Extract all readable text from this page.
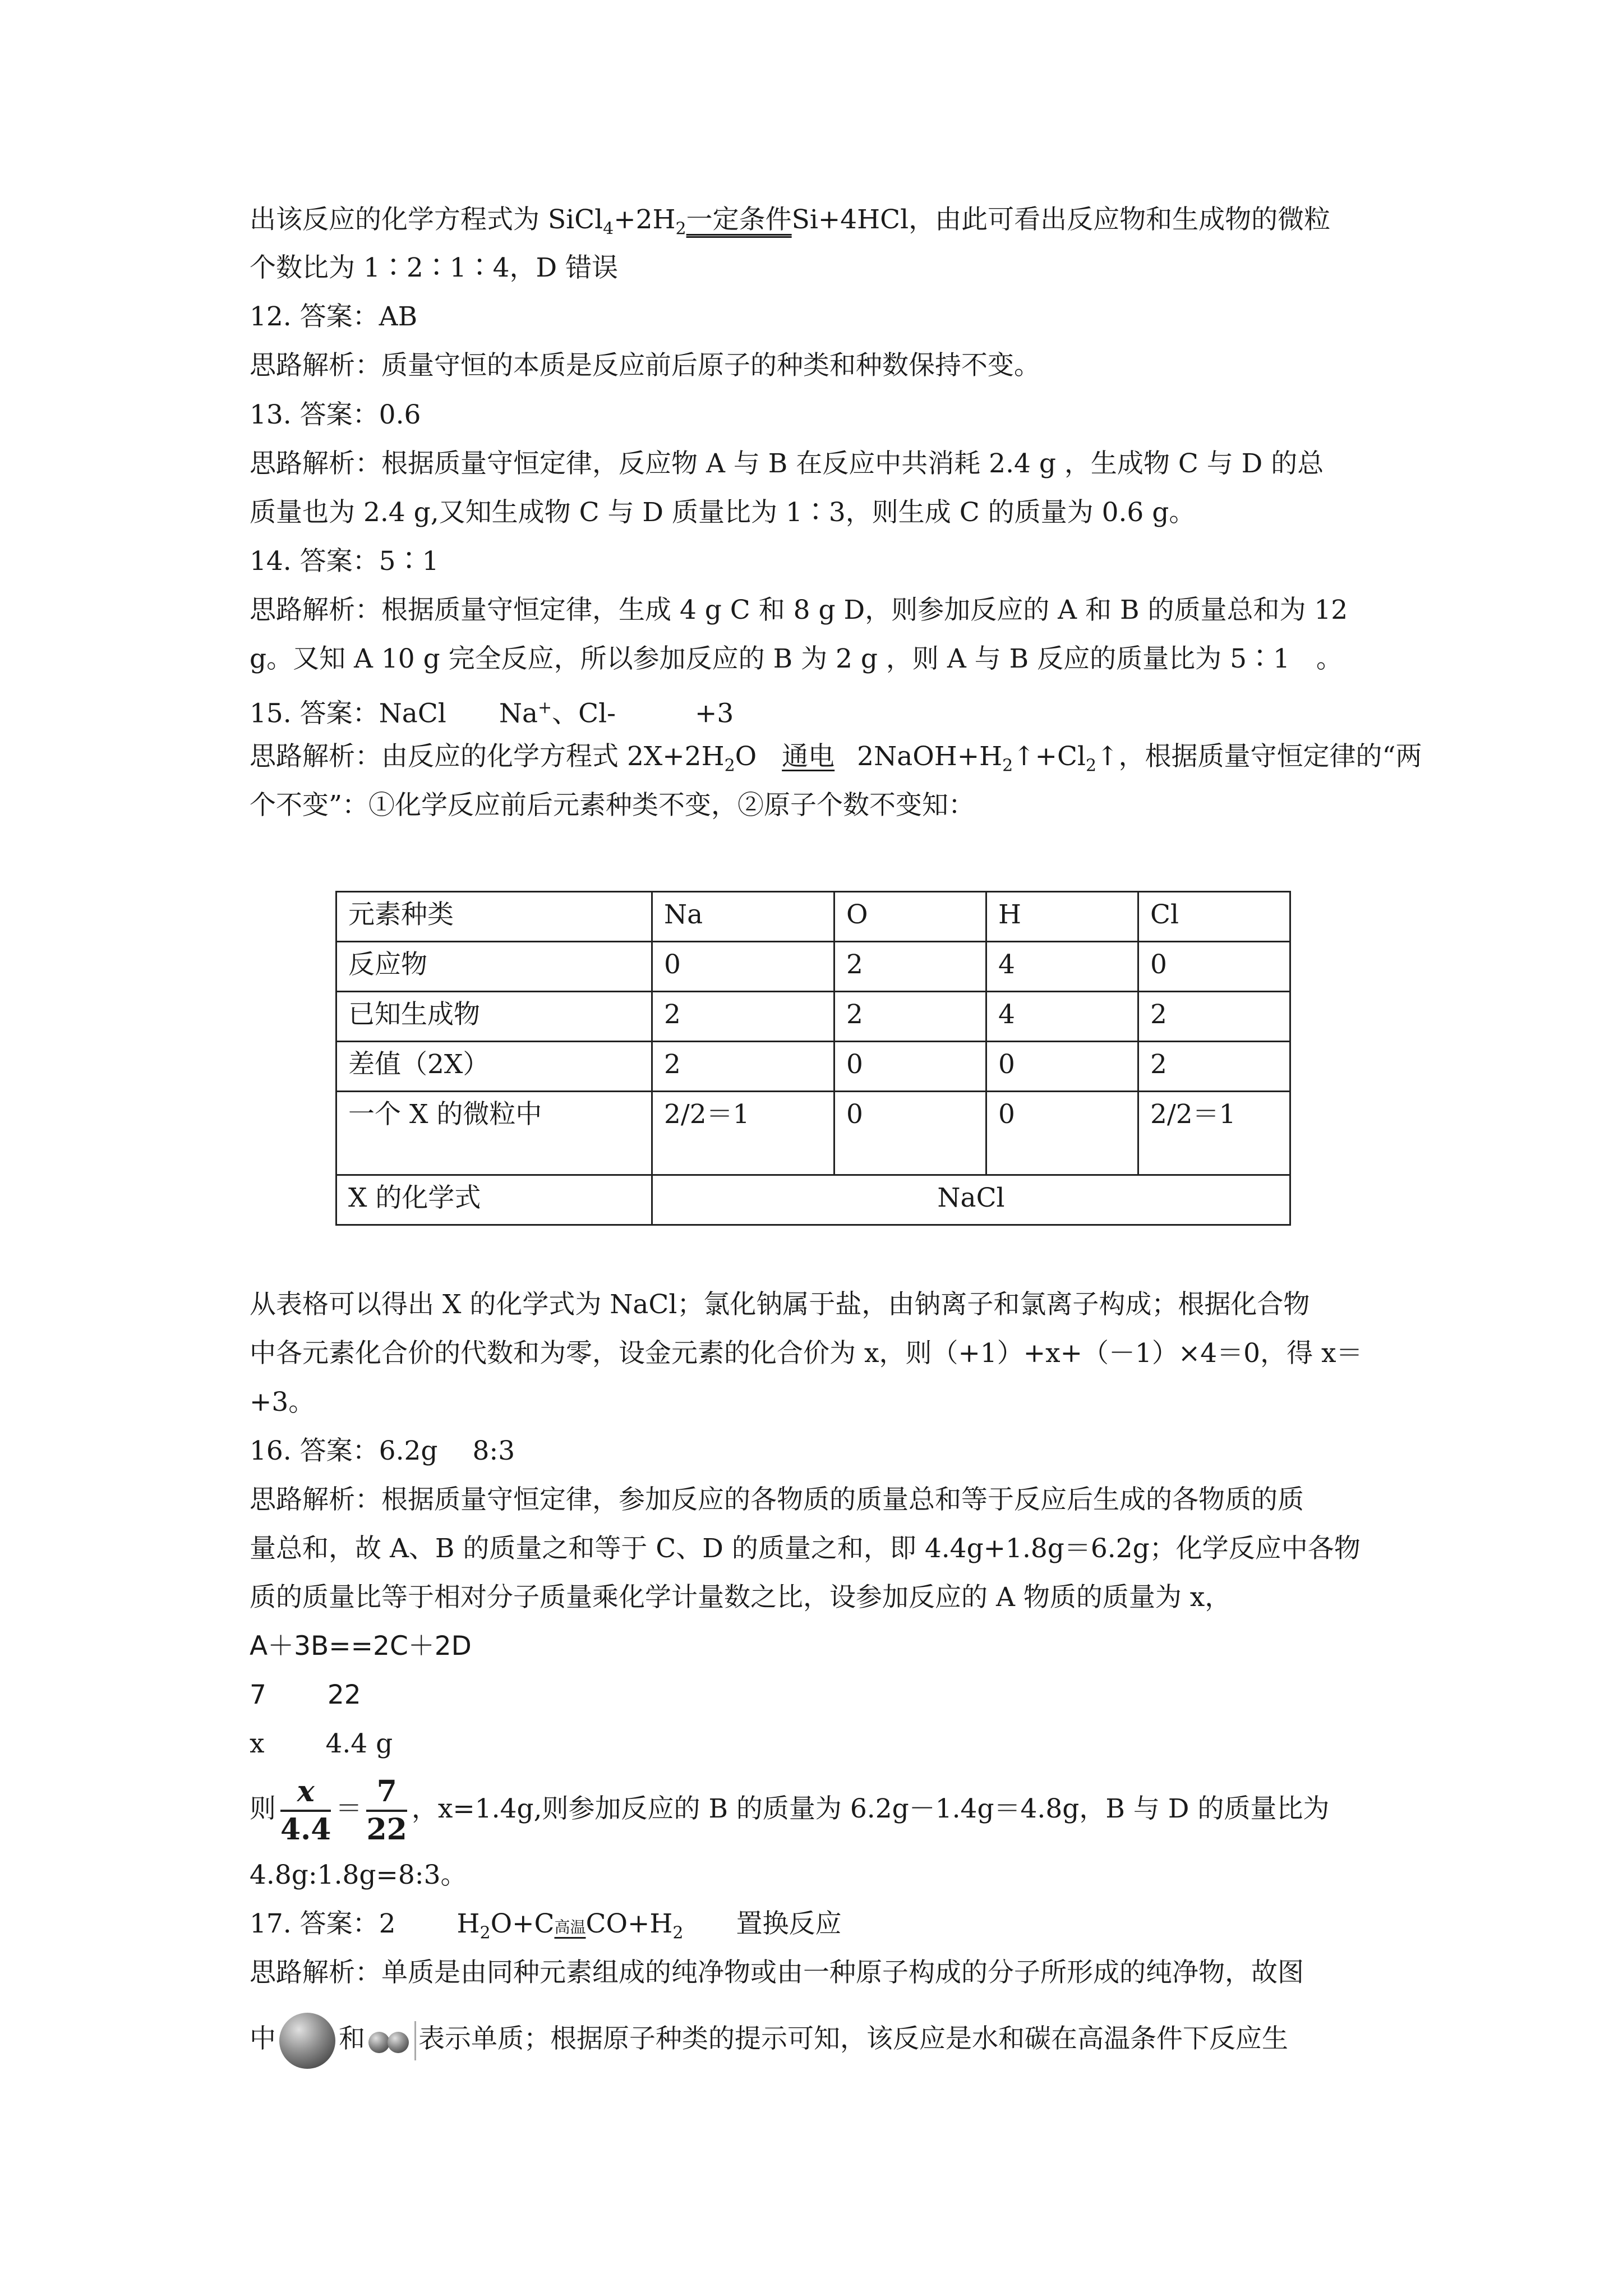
出该反应的化学方程式为 $SiCl_4+2H_2$一定条件Si+4HCl，由此可看出反应物和生成物的微粒
个数比为 1∶2∶1∶4，D 错误
12. 答案：AB
思路解析：质量守恒的本质是反应前后原子的种类和种数保持不变。
13. 答案：0.6
思路解析：根据质量守恒定律，反应物 A 与 B 在反应中共消耗 2.4 g ，生成物 C 与 D 的总
质量也为 2.4 g,又知生成物 C 与 D 质量比为 1∶3，则生成 C 的质量为 0.6 g。
14. 答案：5∶1
思路解析：根据质量守恒定律，生成 4 g C 和 8 g D，则参加反应的 A 和 B 的质量总和为 12
g。又知 A 10 g 完全反应，所以参加反应的 B 为 2 g ，则 A 与 B 反应的质量比为 5∶1　。
15. 答案：NaCl　　Na+、Cl-　　　+3
思路解析：由反应的化学方程式 $2X+2H_2O$ 通电 $2NaOH+H_2↑+Cl_2↑$，根据质量守恒定律的“两
个不变”：①化学反应前后元素种类不变，②原子个数不变知：
元素种类	Na	O	H	Cl
反应物	0	2	4	0
已知生成物	2	2	4	2
差值（2X）	2	0	0	2
一个 X 的微粒中	2/2＝1	0	0	2/2＝1
X 的化学式	NaCl			
从表格可以得出 X 的化学式为 NaCl；氯化钠属于盐，由钠离子和氯离子构成；根据化合物
中各元素化合价的代数和为零，设金元素的化合价为 x，则（+1）+x+（－1）×4＝0，得 x＝
+3。
16. 答案：6.2g　 8:3
思路解析：根据质量守恒定律，参加反应的各物质的质量总和等于反应后生成的各物质的质
量总和，故 A、B 的质量之和等于 C、D 的质量之和，即 4.4g+1.8g＝6.2g；化学反应中各物
质的质量比等于相对分子质量乘化学计量数之比，设参加反应的 A 物质的质量为 x，
A＋3B==2C＋2D
7　　 22
x　　 4.4 g
则 $\frac{x}{4.4} = \frac{7}{22}$ ，x=1.4g,则参加反应的 B 的质量为 6.2g－1.4g＝4.8g，B 与 D 的质量比为
4.8g:1.8g=8:3。
17. 答案：2　　 $H_2O+C$高温$CO+H_2$　　置换反应
思路解析：单质是由同种元素组成的纯净物或由一种原子构成的分子所形成的纯净物，故图
中 和 表示单质；根据原子种类的提示可知，该反应是水和碳在高温条件下反应生
